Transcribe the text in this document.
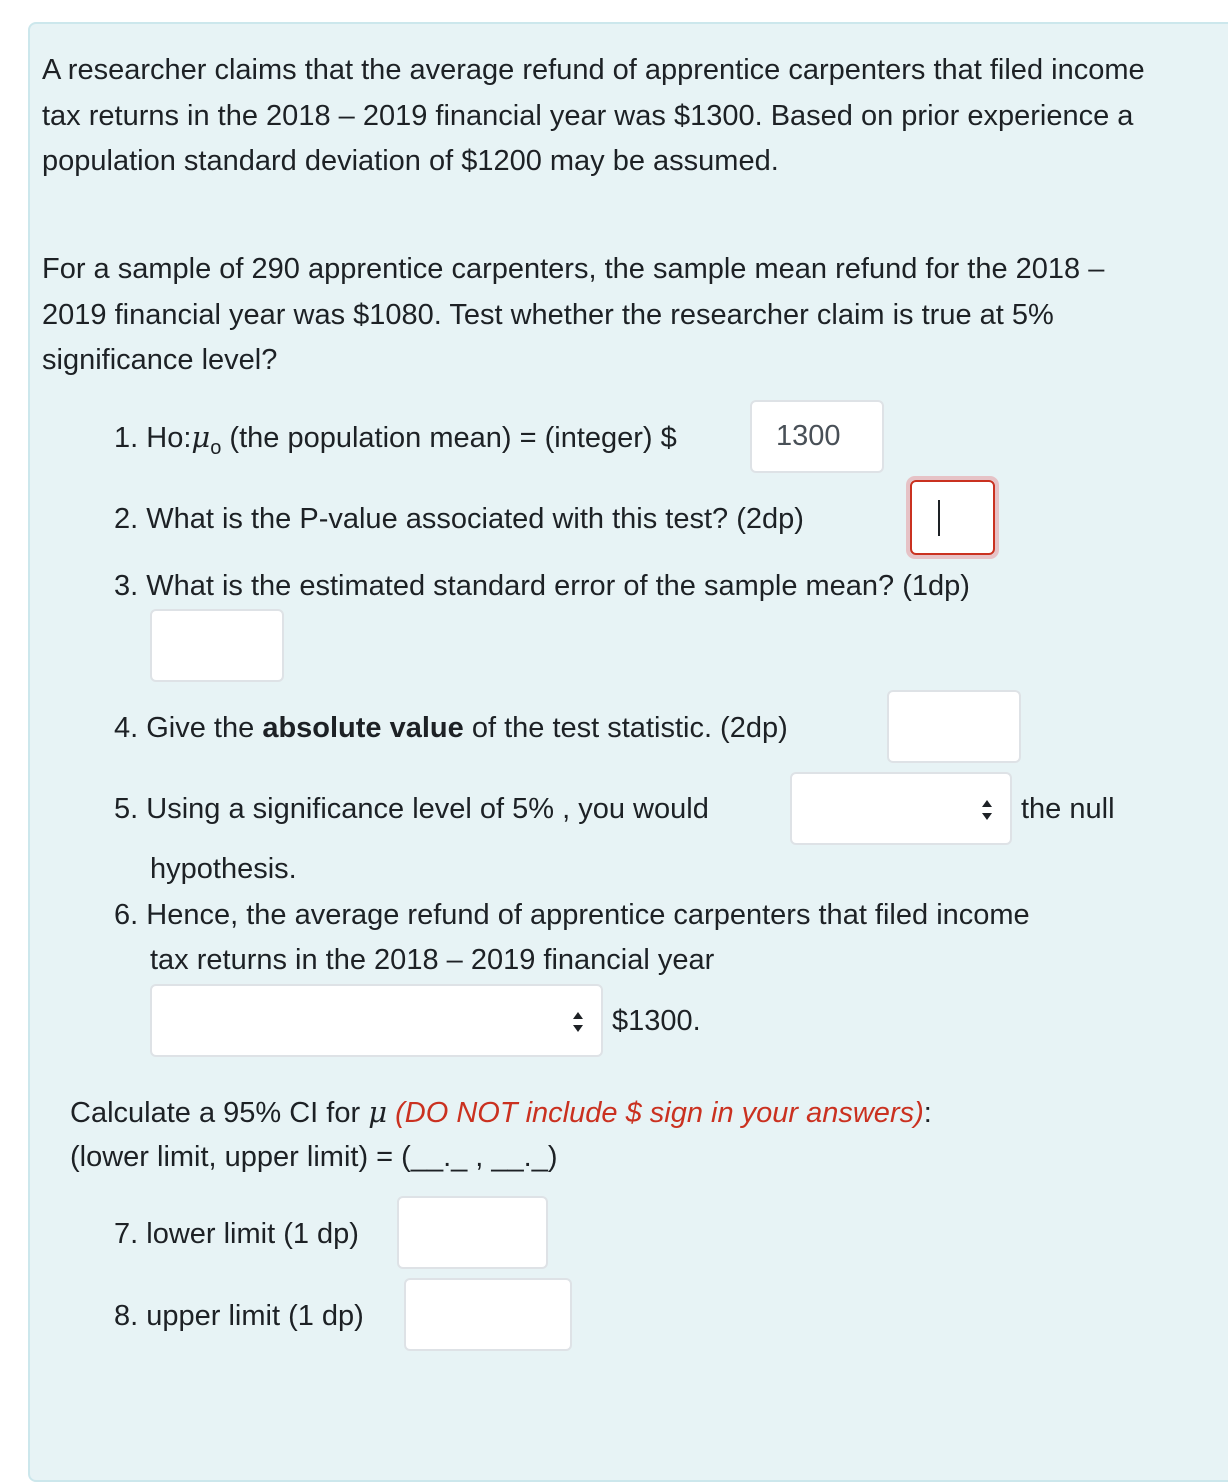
A researcher claims that the average refund of apprentice carpenters that filed income tax returns in the 2018 – 2019 financial year was $1300. Based on prior experience a population standard deviation of $1200 may be assumed.

For a sample of 290 apprentice carpenters, the sample mean refund for the 2018 – 2019 financial year was $1080. Test whether the researcher claim is true at 5% significance level?

1. $Ho:\mu_o$ (the population mean) = (integer) $	1300
2. What is the P-value associated with this test? (2dp)
3. What is the estimated standard error of the sample mean? (1dp)
4. Give the absolute value of the test statistic. (2dp)
5. Using a significance level of 5% , you would	the null
hypothesis.
6. Hence, the average refund of apprentice carpenters that filed income
tax returns in the 2018 – 2019 financial year
$1300.
Calculate a 95% CI for μ (DO NOT include $ sign in your answers):
(lower limit, upper limit) = (__._ , __._)
7. lower limit (1 dp)
8. upper limit (1 dp)
